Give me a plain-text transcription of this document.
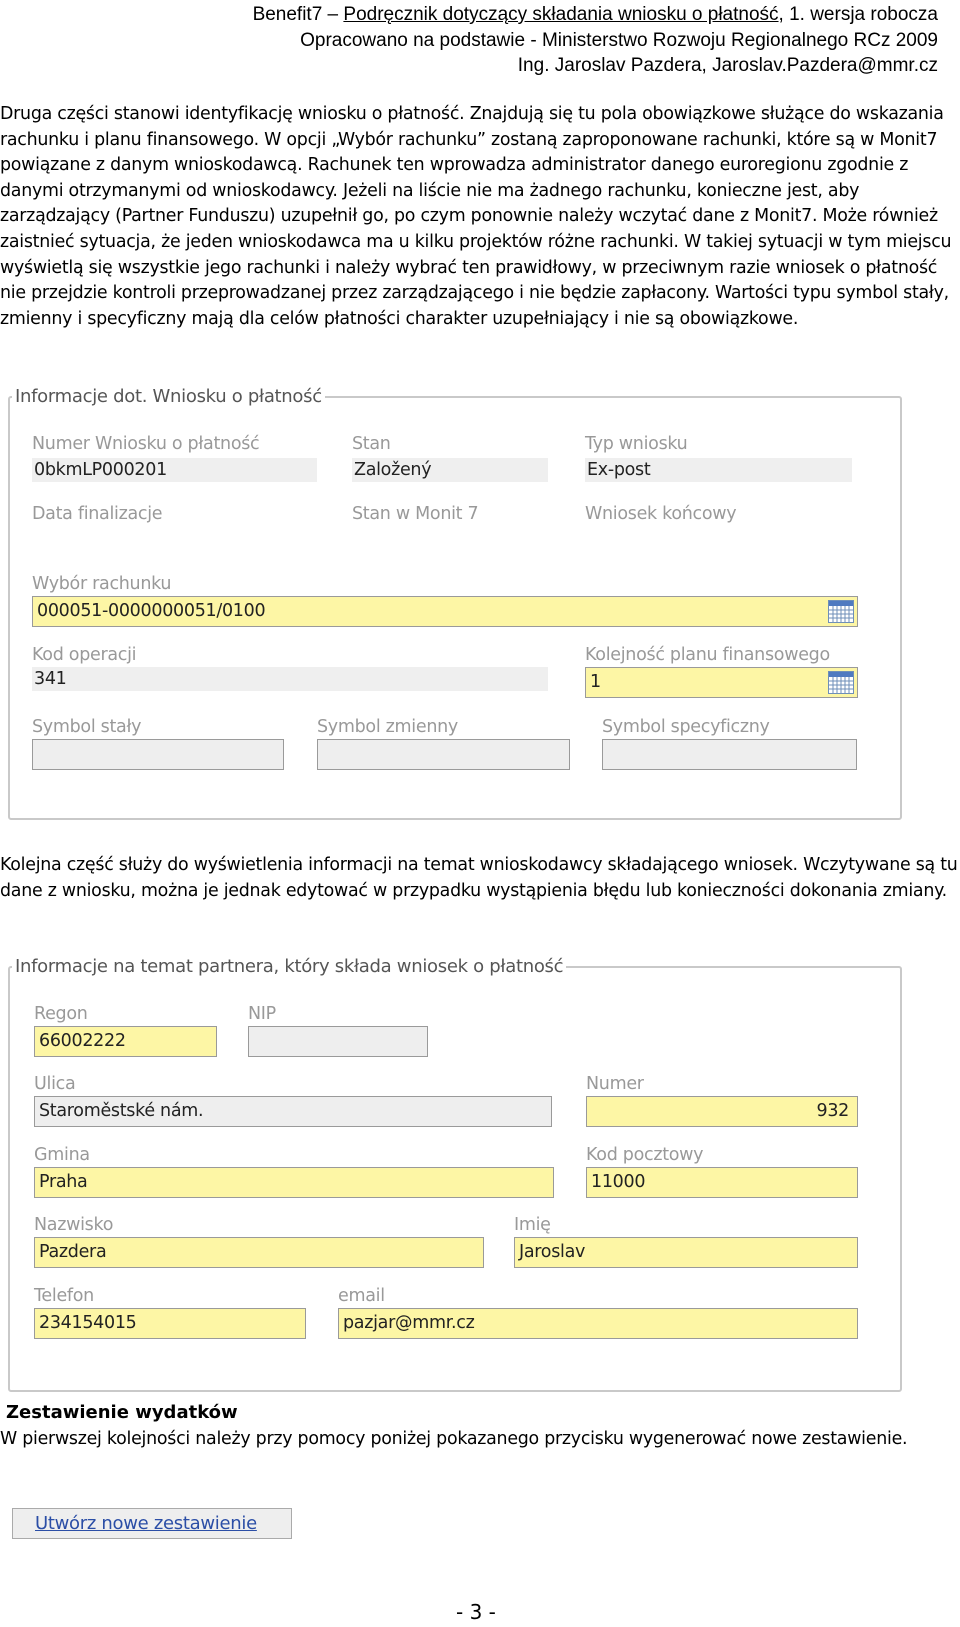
Benefit7 – Podręcznik dotyczący składania wniosku o płatność, 1. wersja robocza
Opracowano na podstawie - Ministerstwo Rozwoju Regionalnego RCz 2009
Ing. Jaroslav Pazdera, Jaroslav.Pazdera@mmr.cz
Druga części stanowi identyfikację wniosku o płatność. Znajdują się tu pola obowiązkowe służące do wskazania rachunku i planu finansowego. W opcji „Wybór rachunku” zostaną zaproponowane rachunki, które są w Monit7 powiązane z danym wnioskodawcą. Rachunek ten wprowadza administrator danego euroregionu zgodnie z danymi otrzymanymi od wnioskodawcy. Jeżeli na liście nie ma żadnego rachunku, konieczne jest, aby zarządzający (Partner Funduszu) uzupełnił go, po czym ponownie należy wczytać dane z Monit7. Może również zaistnieć sytuacja, że jeden wnioskodawca ma u kilku projektów różne rachunki. W takiej sytuacji w tym miejscu wyświetlą się wszystkie jego rachunki i należy wybrać ten prawidłowy, w przeciwnym razie wniosek o płatność nie przejdzie kontroli przeprowadzanej przez zarządzającego i nie będzie zapłacony. Wartości typu symbol stały, zmienny i specyficzny mają dla celów płatności charakter uzupełniający i nie są obowiązkowe.
Informacje dot. Wniosku o płatność
Numer Wniosku o płatność
0bkmLP000201
Stan
Založený
Typ wniosku
Ex-post
Data finalizacje	Stan w Monit 7	Wniosek końcowy
Wybór rachunku
000051-0000000051/0100
Kod operacji
341
Kolejność planu finansowego
1
Symbol stały	Symbol zmienny	Symbol specyficzny
Kolejna część służy do wyświetlenia informacji na temat wnioskodawcy składającego wniosek. Wczytywane są tu dane z wniosku, można je jednak edytować w przypadku wystąpienia błędu lub konieczności dokonania zmiany.
Informacje na temat partnera, który składa wniosek o płatność
Regon
66002222
NIP
Ulica
Staroměstské nám.
Numer
932
Gmina
Praha
Kod pocztowy
11000
Nazwisko
Pazdera
Imię
Jaroslav
Telefon
234154015
email
pazjar@mmr.cz
Zestawienie wydatków
W pierwszej kolejności należy przy pomocy poniżej pokazanego przycisku wygenerować nowe zestawienie.
Utwórz nowe zestawienie
- 3 -
